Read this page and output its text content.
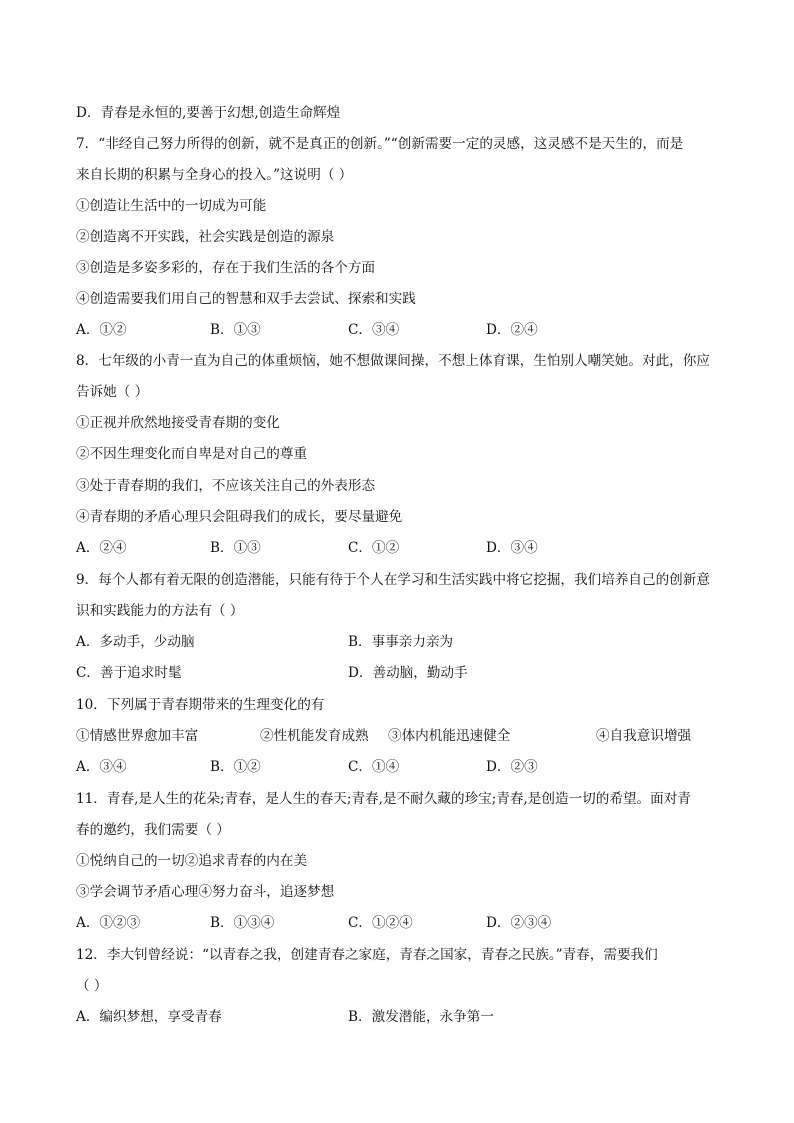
D．青春是永恒的,要善于幻想,创造生命辉煌
7．“非经自己努力所得的创新，就不是真正的创新。”“创新需要一定的灵感，这灵感不是天生的，而是
来自长期的积累与全身心的投入。”这说明（ ）
①创造让生活中的一切成为可能
②创造离不开实践，社会实践是创造的源泉
③创造是多姿多彩的，存在于我们生活的各个方面
④创造需要我们用自己的智慧和双手去尝试、探索和实践
A．①②	B．①③	C．③④	D．②④
8．七年级的小青一直为自己的体重烦恼，她不想做课间操，不想上体育课，生怕别人嘲笑她。对此，你应
告诉她（ ）
①正视并欣然地接受青春期的变化
②不因生理变化而自卑是对自己的尊重
③处于青春期的我们，不应该关注自己的外表形态
④青春期的矛盾心理只会阻碍我们的成长，要尽量避免
A．②④	B．①③	C．①②	D．③④
9．每个人都有着无限的创造潜能，只能有待于个人在学习和生活实践中将它挖掘，我们培养自己的创新意
识和实践能力的方法有（ ）
A．多动手，少动脑	B．事事亲力亲为
C．善于追求时髦	D．善动脑，勤动手
10．下列属于青春期带来的生理变化的有
①情感世界愈加丰富	②性机能发育成熟 ③体内机能迅速健全	④自我意识增强
A．③④	B．①②	C．①④	D．②③
11．青春,是人生的花朵;青春，是人生的春天;青春,是不耐久藏的珍宝;青春,是创造一切的希望。面对青
春的邀约，我们需要（ ）
①悦纳自己的一切②追求青春的内在美
③学会调节矛盾心理④努力奋斗，追逐梦想
A．①②③	B．①③④	C．①②④	D．②③④
12．李大钊曾经说：“以青春之我，创建青春之家庭，青春之国家，青春之民族。”青春，需要我们
（ ）
A．编织梦想，享受青春	B．激发潜能，永争第一
